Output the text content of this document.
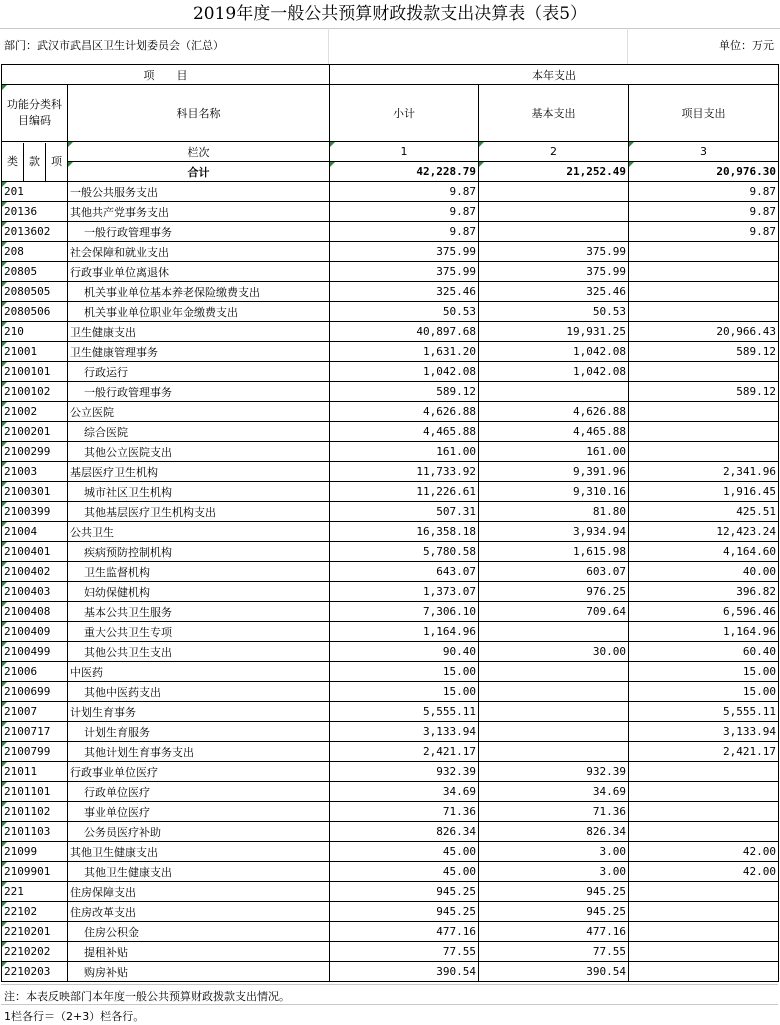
2019年度一般公共预算财政拨款支出决算表（表5）
部门：武汉市武昌区卫生计划委员会（汇总）	单位：万元
项　　目		本年支出		
功能分类科目编码	科目名称	小计	基本支出	项目支出

类 款 项				

	栏次	1	2	3
	合计	42,228.79	21,252.49	20,976.30
201	一般公共服务支出	9.87		9.87
20136	其他共产党事务支出	9.87		9.87
2013602	一般行政管理事务	9.87		9.87
208	社会保障和就业支出	375.99	375.99	
20805	行政事业单位离退休	375.99	375.99	
2080505	机关事业单位基本养老保险缴费支出	325.46	325.46	
2080506	机关事业单位职业年金缴费支出	50.53	50.53	
210	卫生健康支出	40,897.68	19,931.25	20,966.43
21001	卫生健康管理事务	1,631.20	1,042.08	589.12
2100101	行政运行	1,042.08	1,042.08	
2100102	一般行政管理事务	589.12		589.12
21002	公立医院	4,626.88	4,626.88	
2100201	综合医院	4,465.88	4,465.88	
2100299	其他公立医院支出	161.00	161.00	
21003	基层医疗卫生机构	11,733.92	9,391.96	2,341.96
2100301	城市社区卫生机构	11,226.61	9,310.16	1,916.45
2100399	其他基层医疗卫生机构支出	507.31	81.80	425.51
21004	公共卫生	16,358.18	3,934.94	12,423.24
2100401	疾病预防控制机构	5,780.58	1,615.98	4,164.60
2100402	卫生监督机构	643.07	603.07	40.00
2100403	妇幼保健机构	1,373.07	976.25	396.82
2100408	基本公共卫生服务	7,306.10	709.64	6,596.46
2100409	重大公共卫生专项	1,164.96		1,164.96
2100499	其他公共卫生支出	90.40	30.00	60.40
21006	中医药	15.00		15.00
2100699	其他中医药支出	15.00		15.00
21007	计划生育事务	5,555.11		5,555.11
2100717	计划生育服务	3,133.94		3,133.94
2100799	其他计划生育事务支出	2,421.17		2,421.17
21011	行政事业单位医疗	932.39	932.39	
2101101	行政单位医疗	34.69	34.69	
2101102	事业单位医疗	71.36	71.36	
2101103	公务员医疗补助	826.34	826.34	
21099	其他卫生健康支出	45.00	3.00	42.00
2109901	其他卫生健康支出	45.00	3.00	42.00
221	住房保障支出	945.25	945.25	
22102	住房改革支出	945.25	945.25	
2210201	住房公积金	477.16	477.16	
2210202	提租补贴	77.55	77.55	
2210203	购房补贴	390.54	390.54	
注：本表反映部门本年度一般公共预算财政拨款支出情况。
1栏各行＝（2+3）栏各行。
